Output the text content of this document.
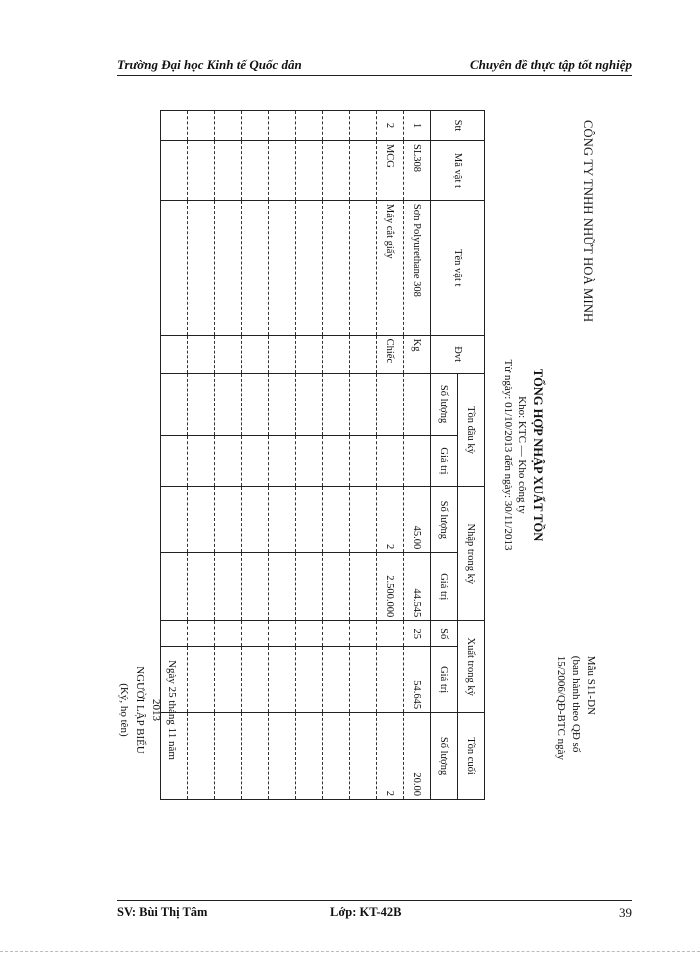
Trường Đại học Kinh tế Quốc dân	Chuyên đề thực tập tốt nghiệp
CÔNG TY TNHH NHỮT HOÀ MINH
Mẫu S11-DN
(ban hành theo QĐ số
15/2006/QĐ-BTC ngày
TỔNG HỢP NHẬP XUẤT TỒN
Kho: KTC — Kho công ty
Từ ngày: 01/10/2013 đến ngày: 30/11/2013
Stt	Mã vật t	Tên vật t	Đvt	Tồn đầu kỳ		Nhập trong kỳ		Xuất trong kỳ		Tồn cuối
				Số lượng	Giá trị	Số lượng	Giá trị	Số	Giá trị	Số lượng
1	SL308	Sơn Polyurethane 308	Kg			45.00	44.545	25	54.645	20.00
2	MCG	Máy cắt giấy	Chiếc			2	2.500.000			2

Ngày 25 tháng 11 năm
2013
NGƯỜI LẬP BIỂU
(Ký, họ tên)
SV: Bùi Thị Tâm	Lớp: KT-42B	39
